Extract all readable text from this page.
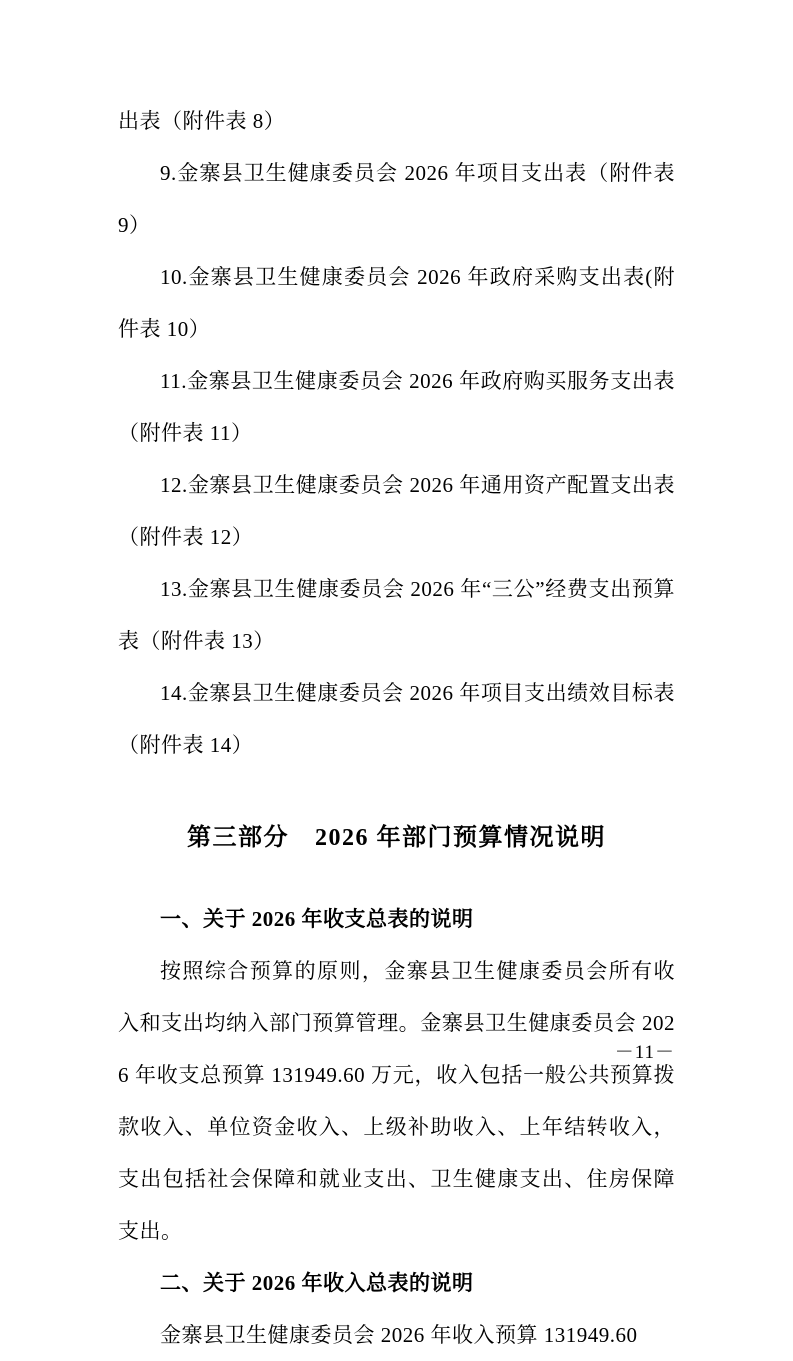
出表（附件表 8）

9.金寨县卫生健康委员会 2026 年项目支出表（附件表 9）

10.金寨县卫生健康委员会 2026 年政府采购支出表(附件表 10）

11.金寨县卫生健康委员会 2026 年政府购买服务支出表（附件表 11）

12.金寨县卫生健康委员会 2026 年通用资产配置支出表（附件表 12）

13.金寨县卫生健康委员会 2026 年“三公”经费支出预算表（附件表 13）

14.金寨县卫生健康委员会 2026 年项目支出绩效目标表（附件表 14）

第三部分 2026 年部门预算情况说明
一、关于 2026 年收支总表的说明

按照综合预算的原则，金寨县卫生健康委员会所有收入和支出均纳入部门预算管理。金寨县卫生健康委员会 2026 年收支总预算 131949.60 万元，收入包括一般公共预算拨款收入、单位资金收入、上级补助收入、上年结转收入，支出包括社会保障和就业支出、卫生健康支出、住房保障支出。

二、关于 2026 年收入总表的说明

金寨县卫生健康委员会 2026 年收入预算 131949.60

－11－
